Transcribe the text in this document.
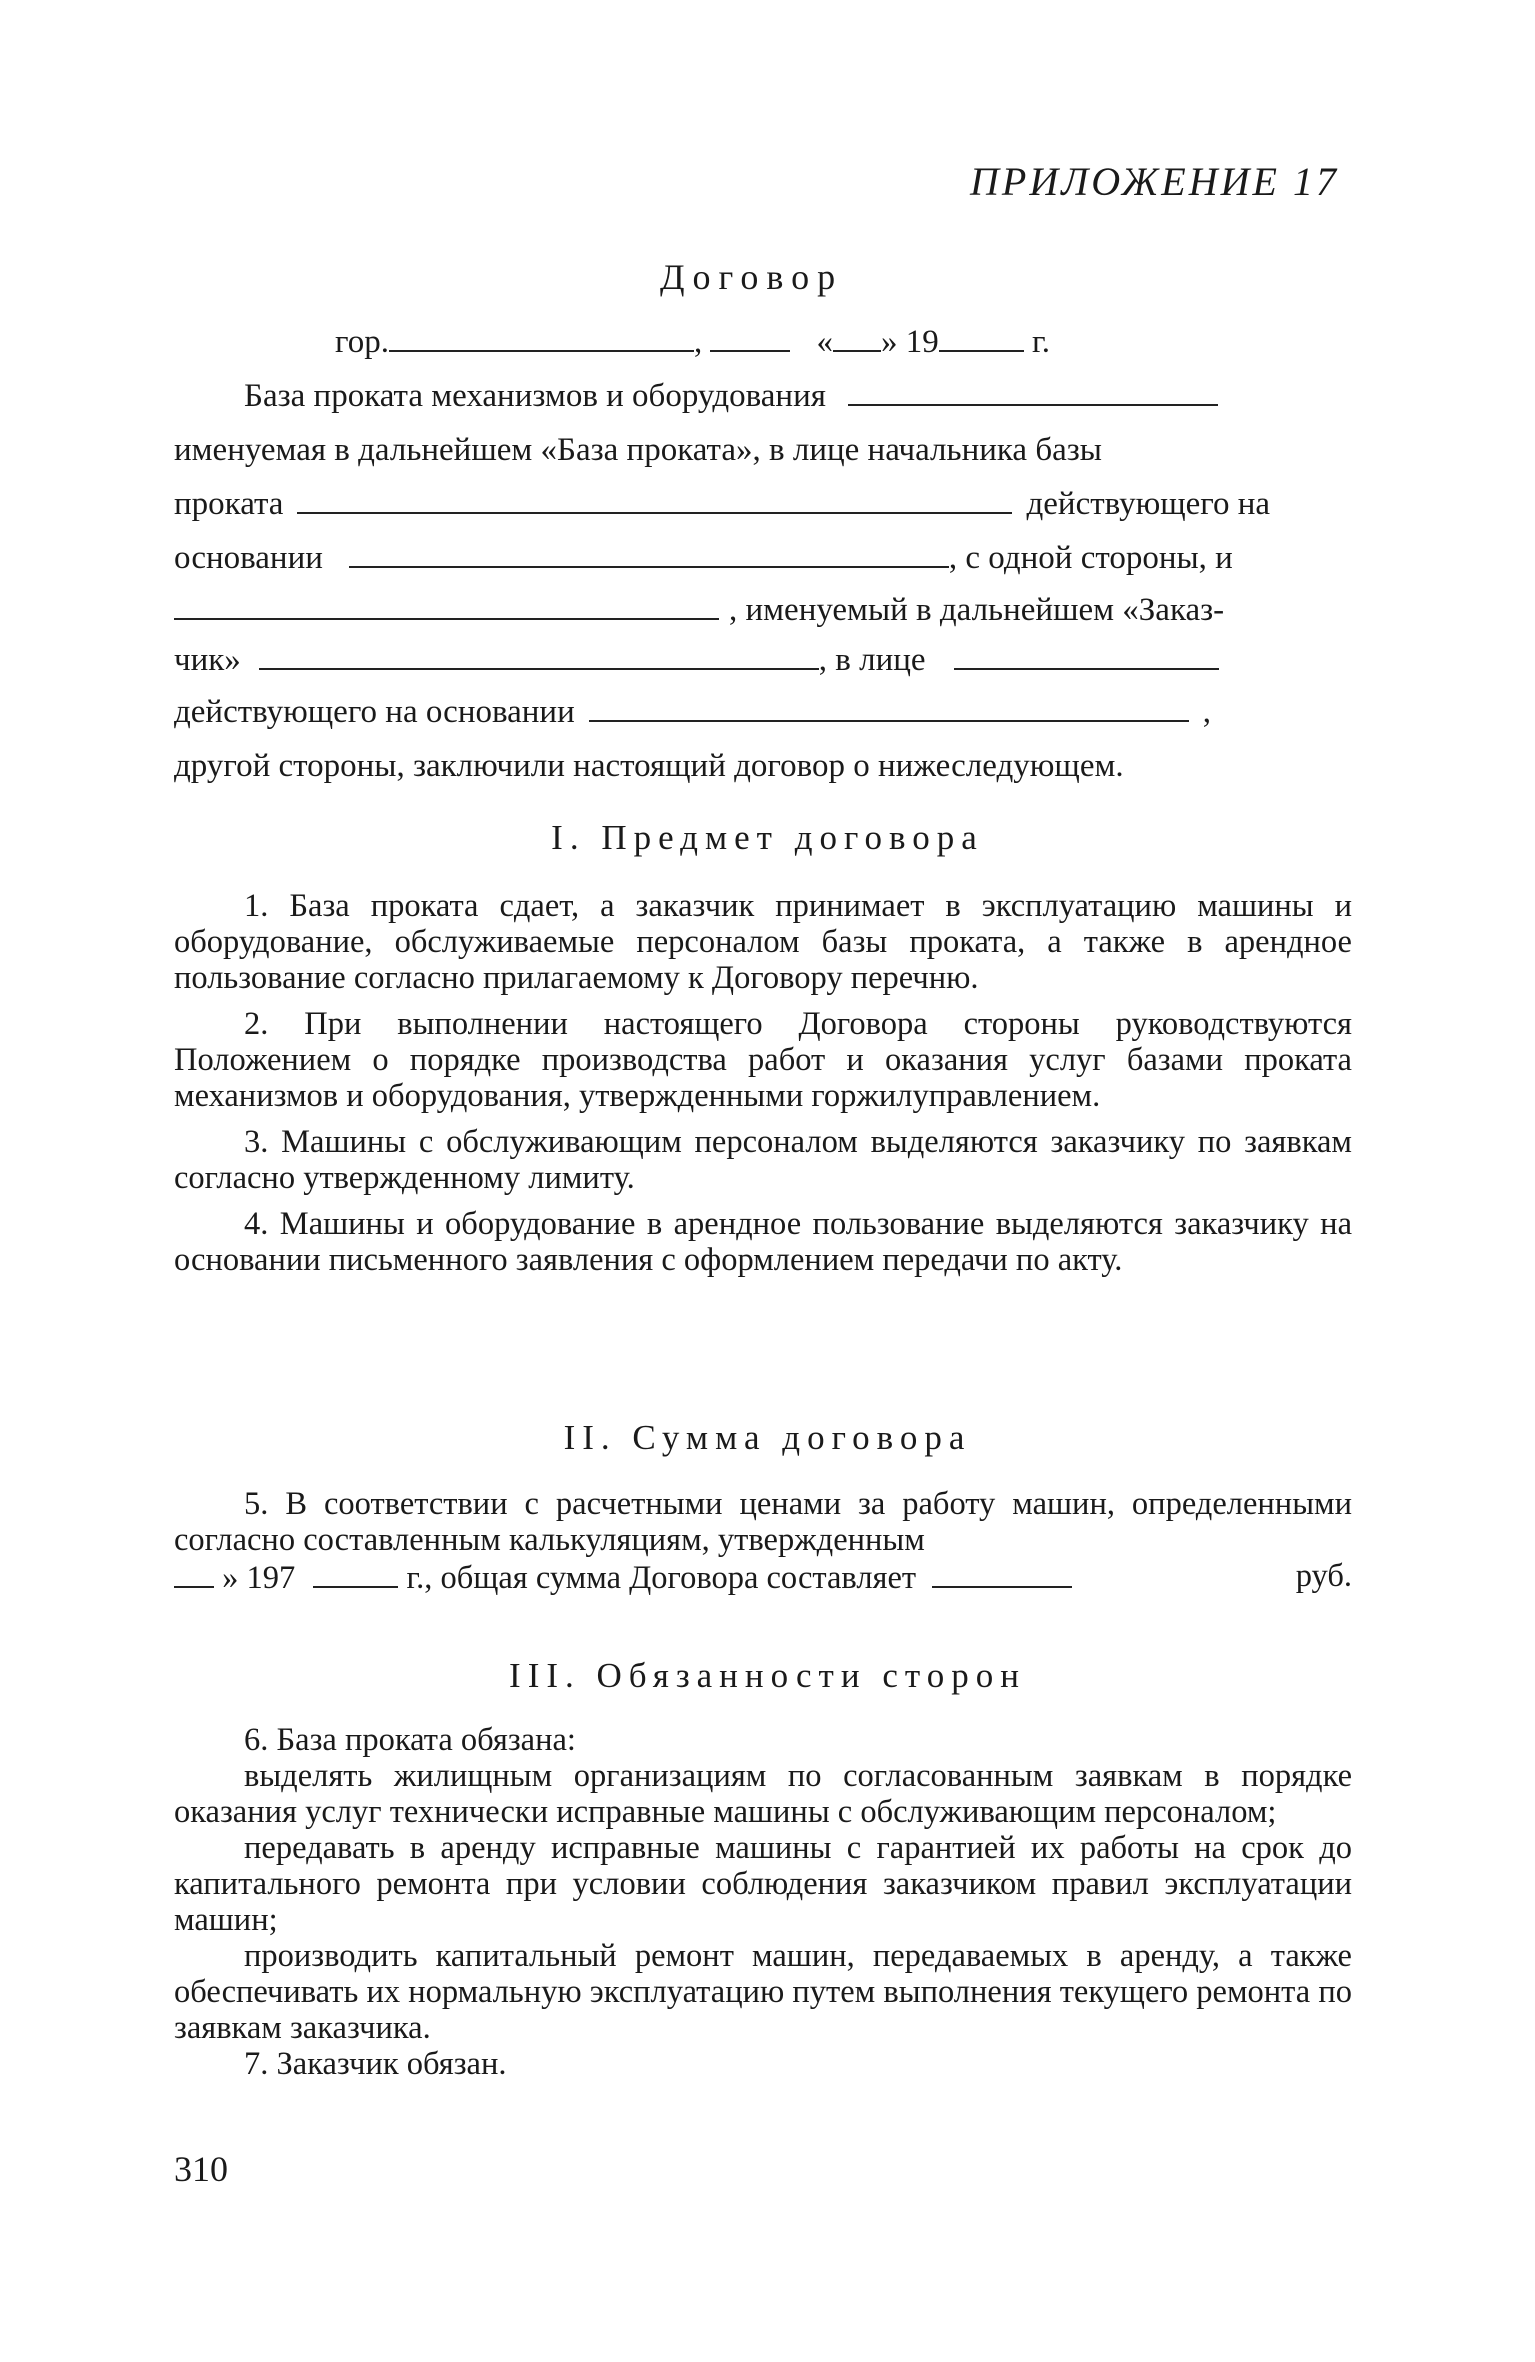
ПРИЛОЖЕНИЕ 17
Договор
гор.	,	« » 19	г.
База проката механизмов и оборудования
именуемая в дальнейшем «База проката», в лице начальника базы
проката	действующего на
основании	, с одной стороны, и
, именуемый в дальнейшем «Заказ-
чик»	, в лице
действующего на основании	,
другой стороны, заключили настоящий договор о нижеследующем.
I. Предмет договора

1. База проката сдает, а заказчик принимает в эксплуатацию машины и оборудование, обслуживаемые персоналом базы проката, а также в арендное пользование согласно прилагаемому к Договору перечню.

2. При выполнении настоящего Договора стороны руководствуются Положением о порядке производства работ и оказания услуг базами проката механизмов и оборудования, утвержденными горжилуправлением.

3. Машины с обслуживающим персоналом выделяются заказчику по заявкам согласно утвержденному лимиту.

4. Машины и оборудование в арендное пользование выделяются заказчику на основании письменного заявления с оформлением передачи по акту.

II. Сумма договора

5. В соответствии с расчетными ценами за работу машин, определенными согласно составленным калькуляциям, утвержденным

» 197	г., общая сумма Договора составляет	руб.

III. Обязанности сторон

6. База проката обязана:

выделять жилищным организациям по согласованным заявкам в порядке оказания услуг технически исправные машины с обслуживающим персоналом;

передавать в аренду исправные машины с гарантией их работы на срок до капитального ремонта при условии соблюдения заказчиком правил эксплуатации машин;

производить капитальный ремонт машин, передаваемых в аренду, а также обеспечивать их нормальную эксплуатацию путем выполнения текущего ремонта по заявкам заказчика.

7. Заказчик обязан.

310
